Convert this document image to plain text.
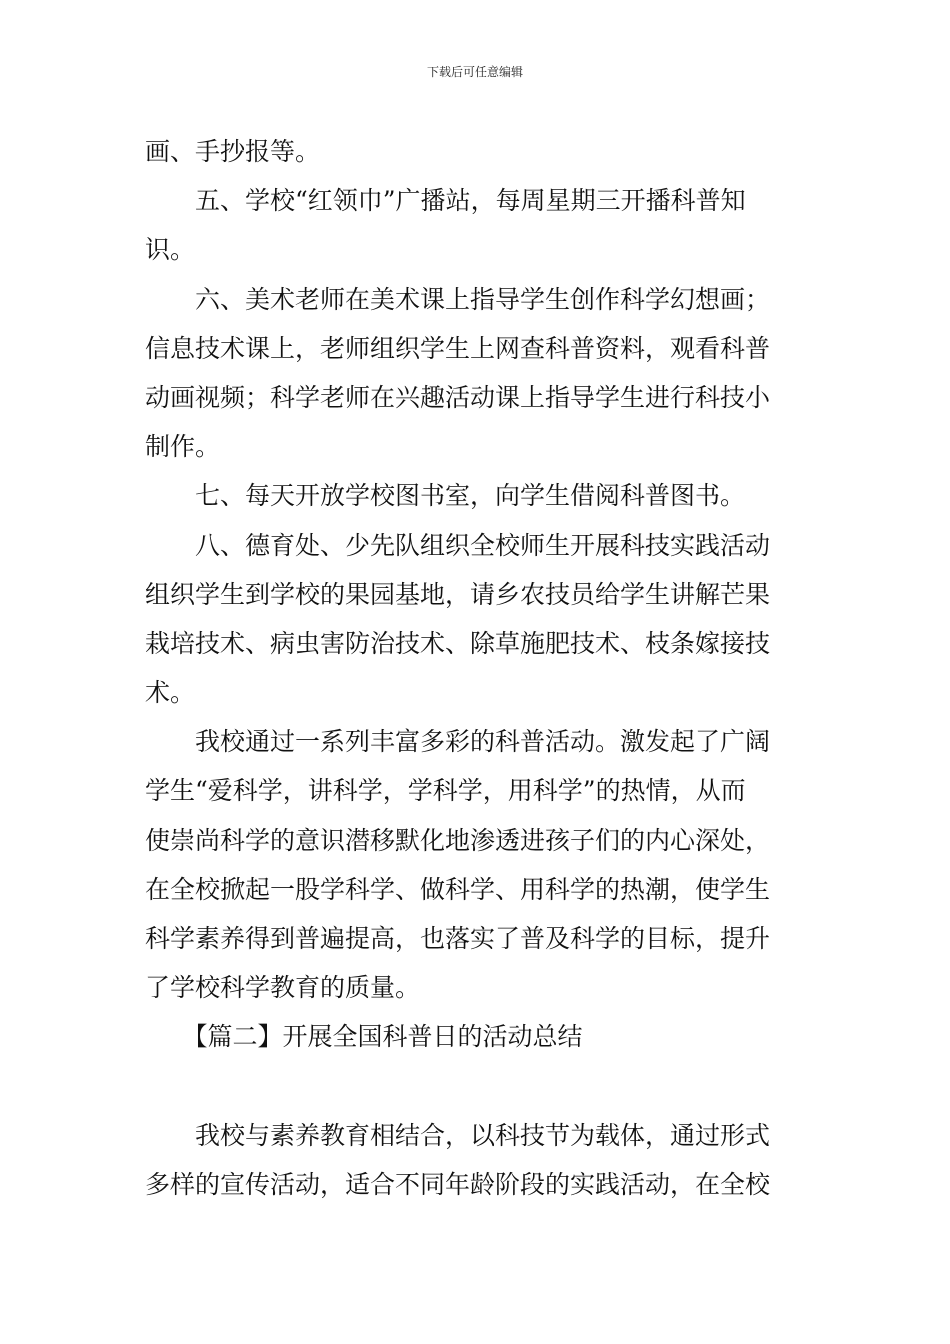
下载后可任意编辑
画、手抄报等。
　　五、学校“红领巾”广播站，每周星期三开播科普知
识。
　　六、美术老师在美术课上指导学生创作科学幻想画；
信息技术课上，老师组织学生上网查科普资料，观看科普
动画视频；科学老师在兴趣活动课上指导学生进行科技小
制作。
　　七、每天开放学校图书室，向学生借阅科普图书。
　　八、德育处、少先队组织全校师生开展科技实践活动
组织学生到学校的果园基地，请乡农技员给学生讲解芒果
栽培技术、病虫害防治技术、除草施肥技术、枝条嫁接技
术。
　　我校通过一系列丰富多彩的科普活动。激发起了广阔
学生“爱科学，讲科学，学科学，用科学”的热情，从而
使崇尚科学的意识潜移默化地渗透进孩子们的内心深处，
在全校掀起一股学科学、做科学、用科学的热潮，使学生
科学素养得到普遍提高，也落实了普及科学的目标，提升
了学校科学教育的质量。
　　【篇二】开展全国科普日的活动总结
　　我校与素养教育相结合，以科技节为载体，通过形式
多样的宣传活动，适合不同年龄阶段的实践活动，在全校
